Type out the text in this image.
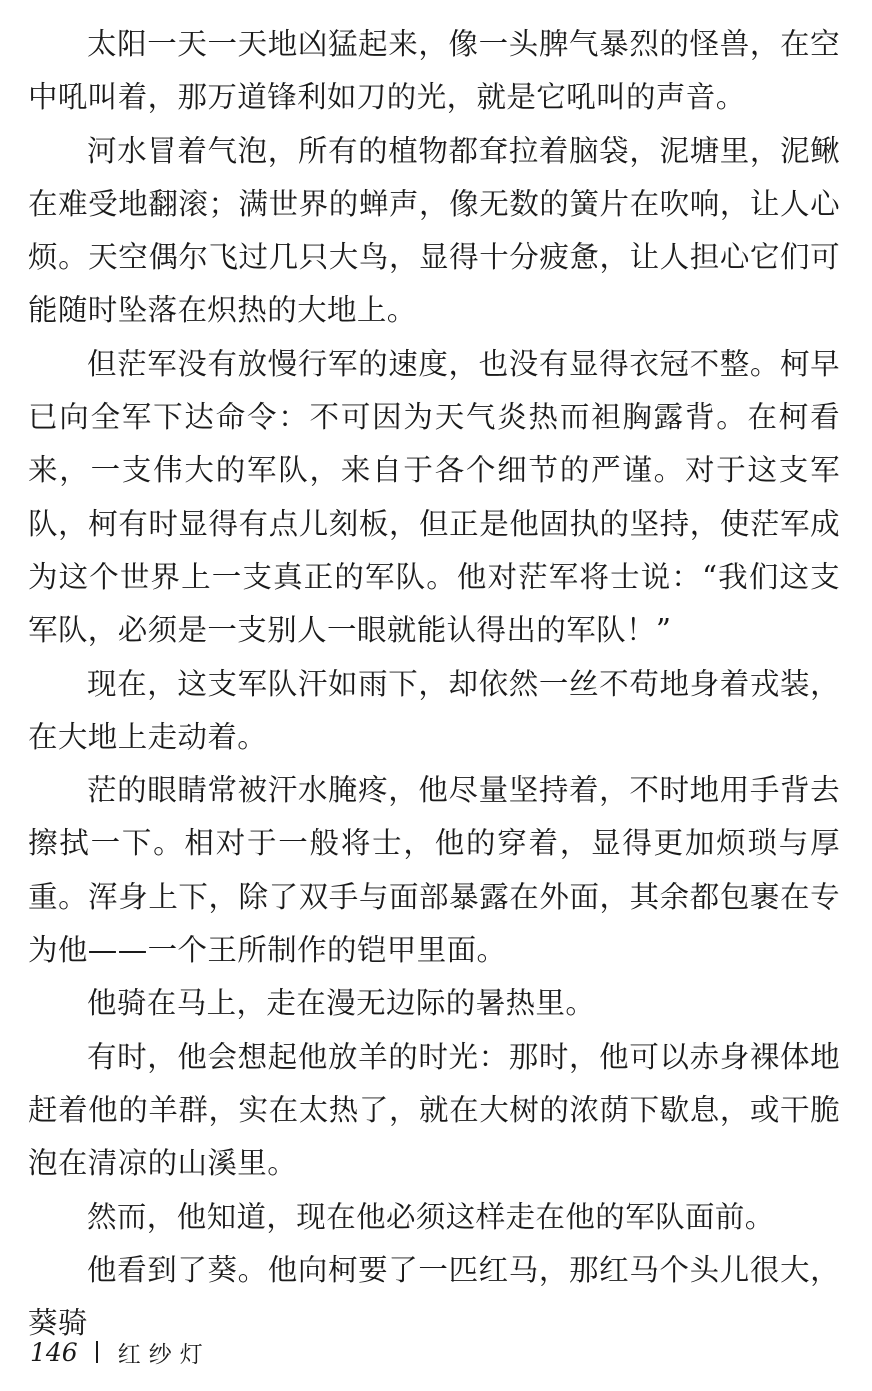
太阳一天一天地凶猛起来，像一头脾气暴烈的怪兽，在空中吼叫着，那万道锋利如刀的光，就是它吼叫的声音。

河水冒着气泡，所有的植物都耷拉着脑袋，泥塘里，泥鳅在难受地翻滚；满世界的蝉声，像无数的簧片在吹响，让人心烦。天空偶尔飞过几只大鸟，显得十分疲惫，让人担心它们可能随时坠落在炽热的大地上。

但茫军没有放慢行军的速度，也没有显得衣冠不整。柯早已向全军下达命令：不可因为天气炎热而袒胸露背。在柯看来，一支伟大的军队，来自于各个细节的严谨。对于这支军队，柯有时显得有点儿刻板，但正是他固执的坚持，使茫军成为这个世界上一支真正的军队。他对茫军将士说：“我们这支军队，必须是一支别人一眼就能认得出的军队！”

现在，这支军队汗如雨下，却依然一丝不苟地身着戎装，在大地上走动着。

茫的眼睛常被汗水腌疼，他尽量坚持着，不时地用手背去擦拭一下。相对于一般将士，他的穿着，显得更加烦琐与厚重。浑身上下，除了双手与面部暴露在外面，其余都包裹在专为他——一个王所制作的铠甲里面。

他骑在马上，走在漫无边际的暑热里。

有时，他会想起他放羊的时光：那时，他可以赤身裸体地赶着他的羊群，实在太热了，就在大树的浓荫下歇息，或干脆泡在清凉的山溪里。

然而，他知道，现在他必须这样走在他的军队面前。

他看到了葵。他向柯要了一匹红马，那红马个头儿很大，葵骑

146 红纱灯
